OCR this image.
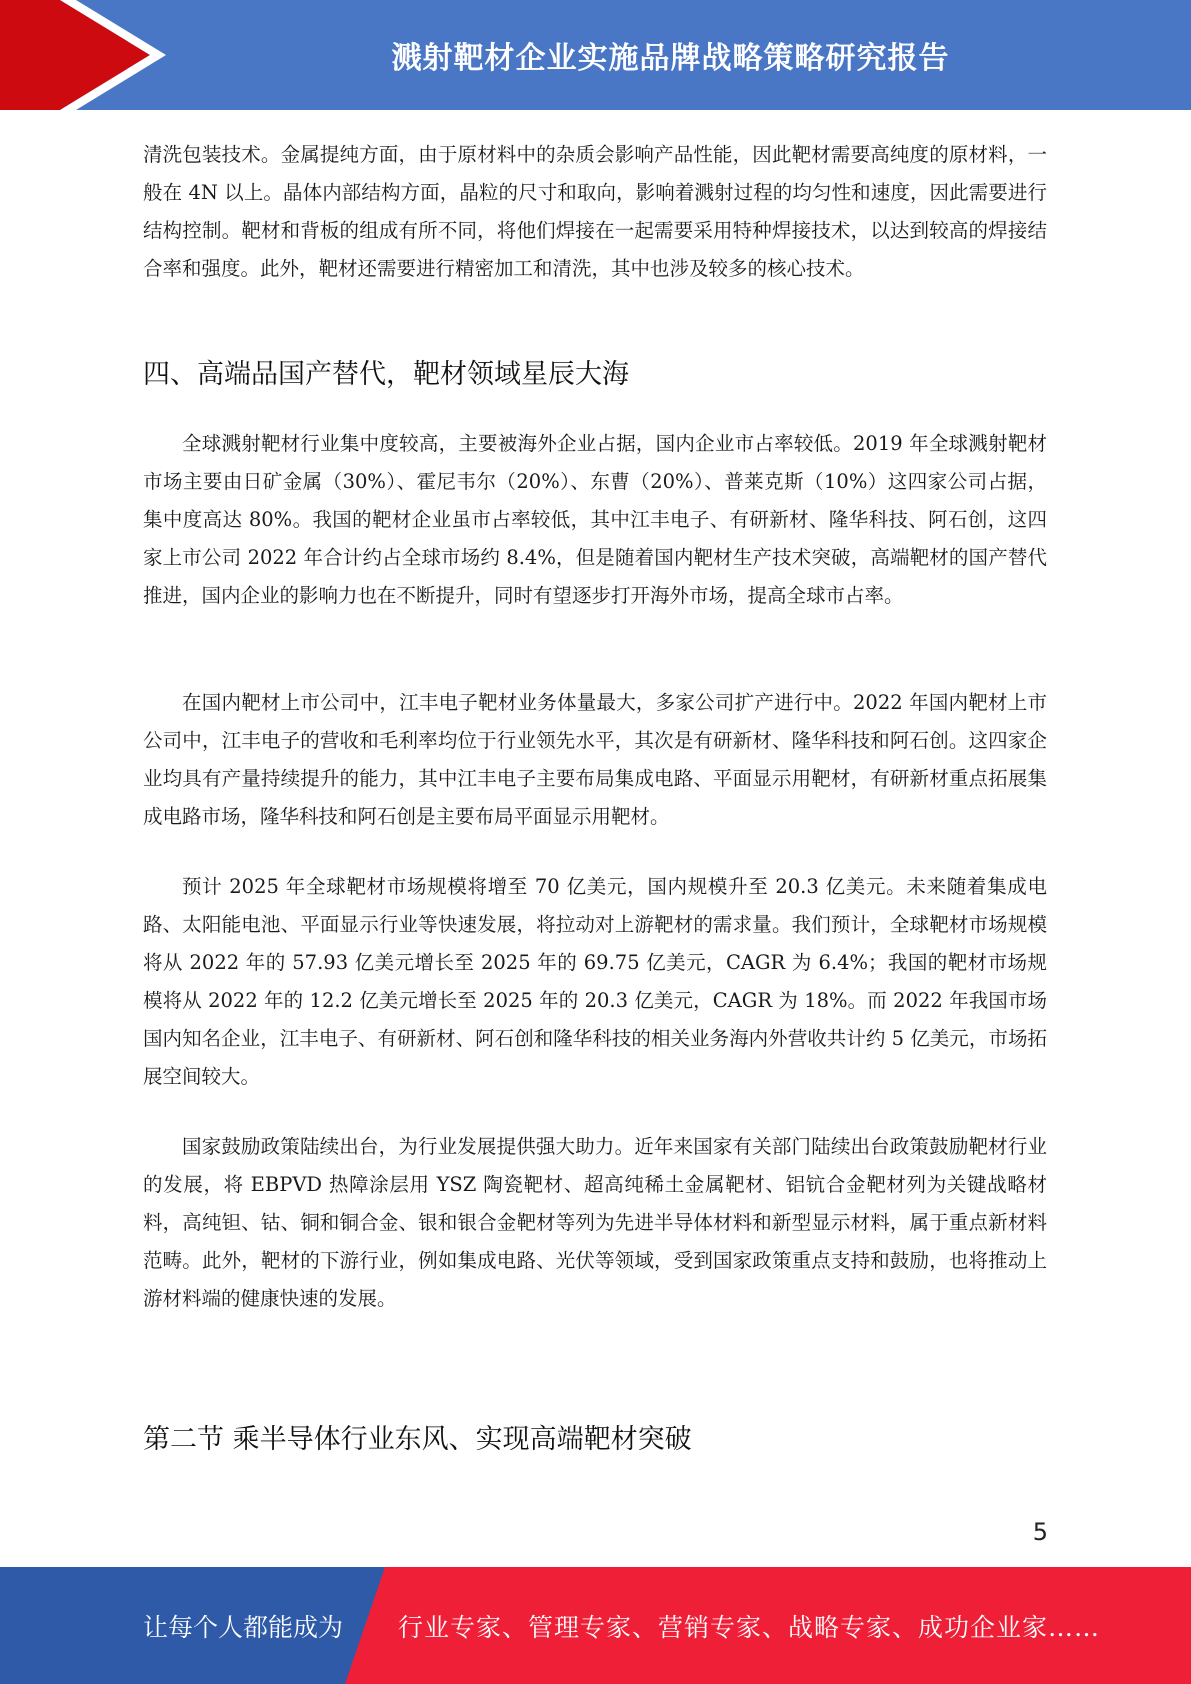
溅射靶材企业实施品牌战略策略研究报告

清洗包装技术。金属提纯方面，由于原材料中的杂质会影响产品性能，因此靶材需要高纯度的原材料，一般在 4N 以上。晶体内部结构方面，晶粒的尺寸和取向，影响着溅射过程的均匀性和速度，因此需要进行结构控制。靶材和背板的组成有所不同，将他们焊接在一起需要采用特种焊接技术，以达到较高的焊接结合率和强度。此外，靶材还需要进行精密加工和清洗，其中也涉及较多的核心技术。

四、高端品国产替代，靶材领域星辰大海

全球溅射靶材行业集中度较高，主要被海外企业占据，国内企业市占率较低。2019 年全球溅射靶材市场主要由日矿金属（30%）、霍尼韦尔（20%）、东曹（20%）、普莱克斯（10%）这四家公司占据，集中度高达 80%。我国的靶材企业虽市占率较低，其中江丰电子、有研新材、隆华科技、阿石创，这四家上市公司 2022 年合计约占全球市场约 8.4%，但是随着国内靶材生产技术突破，高端靶材的国产替代推进，国内企业的影响力也在不断提升，同时有望逐步打开海外市场，提高全球市占率。

在国内靶材上市公司中，江丰电子靶材业务体量最大，多家公司扩产进行中。2022 年国内靶材上市公司中，江丰电子的营收和毛利率均位于行业领先水平，其次是有研新材、隆华科技和阿石创。这四家企业均具有产量持续提升的能力，其中江丰电子主要布局集成电路、平面显示用靶材，有研新材重点拓展集成电路市场，隆华科技和阿石创是主要布局平面显示用靶材。

预计 2025 年全球靶材市场规模将增至 70 亿美元，国内规模升至 20.3 亿美元。未来随着集成电路、太阳能电池、平面显示行业等快速发展，将拉动对上游靶材的需求量。我们预计，全球靶材市场规模将从 2022 年的 57.93 亿美元增长至 2025 年的 69.75 亿美元，CAGR 为 6.4%；我国的靶材市场规模将从 2022 年的 12.2 亿美元增长至 2025 年的 20.3 亿美元，CAGR 为 18%。而 2022 年我国市场国内知名企业，江丰电子、有研新材、阿石创和隆华科技的相关业务海内外营收共计约 5 亿美元，市场拓展空间较大。

国家鼓励政策陆续出台，为行业发展提供强大助力。近年来国家有关部门陆续出台政策鼓励靶材行业的发展，将 EBPVD 热障涂层用 YSZ 陶瓷靶材、超高纯稀土金属靶材、铝钪合金靶材列为关键战略材料，高纯钽、钴、铜和铜合金、银和银合金靶材等列为先进半导体材料和新型显示材料，属于重点新材料范畴。此外，靶材的下游行业，例如集成电路、光伏等领域，受到国家政策重点支持和鼓励，也将推动上游材料端的健康快速的发展。

第二节 乘半导体行业东风、实现高端靶材突破
5
让每个人都能成为 行业专家、管理专家、营销专家、战略专家、成功企业家……
